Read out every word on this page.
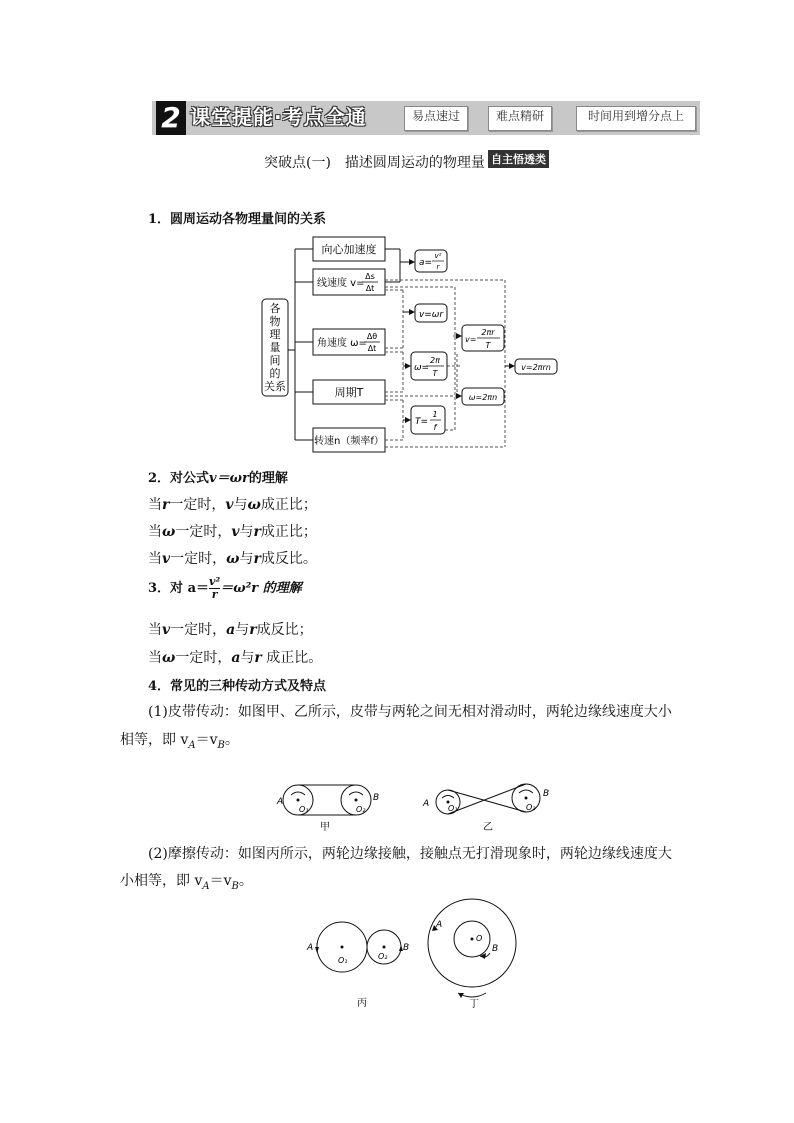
2 课堂提能·考点全通	易点速过	难点精研	时间用到增分点上
突破点(一)　描述圆周运动的物理量 自主悟透类
1．圆周运动各物理量间的关系
各
物
理
量
间
的
关系
向心加速度
线速度 v=
Δs
Δt
角速度 ω=
Δθ
Δt
周期T
转速n（频率f）
a=
v²
r
v=ωr
ω=
2π
T
T=
1
f
v=
2πr
T
ω=2πn
v=2πrn
2．对公式v＝ωr的理解
当r一定时，v与ω成正比；
当ω一定时，v与r成正比；
当v一定时，ω与r成反比。
3．对 $a= \frac{\text{v²}}{r} =\omega^2r$ 的理解
当v一定时，a与r成反比；
当ω一定时，a与r 成正比。
4．常见的三种传动方式及特点
(1)皮带传动：如图甲、乙所示，皮带与两轮之间无相对滑动时，两轮边缘线速度大小
相等，即 $v_A=v_B$。
A	B
O₁	O₂
甲
A
B
O₁	O₂
乙
(2)摩擦传动：如图丙所示，两轮边缘接触，接触点无打滑现象时，两轮边缘线速度大
小相等，即 $v_A=v_B$。
A	B
O₁	O₂
丙
A
B
O
丁
